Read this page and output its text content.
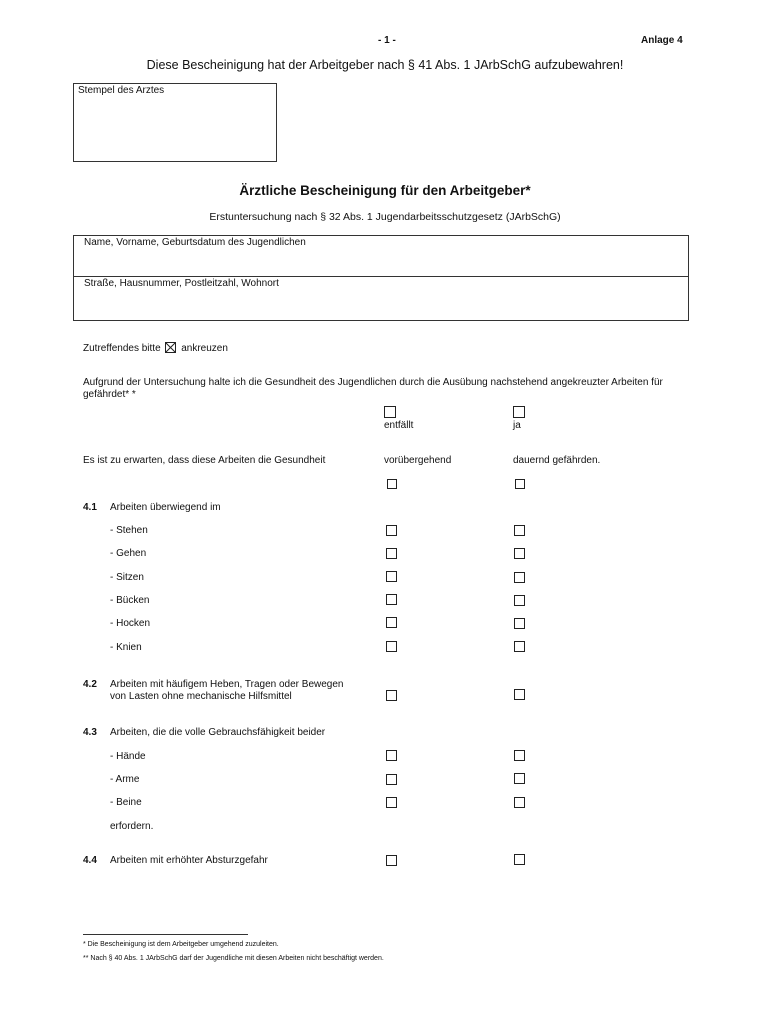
- 1 -	Anlage 4
Diese Bescheinigung hat der Arbeitgeber nach § 41 Abs. 1 JArbSchG aufzubewahren!
Stempel des Arztes
Ärztliche Bescheinigung für den Arbeitgeber*
Erstuntersuchung nach § 32 Abs. 1 Jugendarbeitsschutzgesetz (JArbSchG)
Name, Vorname, Geburtsdatum des Jugendlichen
Straße, Hausnummer, Postleitzahl, Wohnort
Zutreffendes bitte ankreuzen
Aufgrund der Untersuchung halte ich die Gesundheit des Jugendlichen durch die Ausübung nachstehend angekreuzter Arbeiten für
gefährdet* *
entfällt	ja
Es ist zu erwarten, dass diese Arbeiten die Gesundheit	vorübergehend	dauernd gefährden.
4.1 Arbeiten überwiegend im
- Stehen
- Gehen
- Sitzen
- Bücken
- Hocken
- Knien
4.2 Arbeiten mit häufigem Heben, Tragen oder Bewegen
von Lasten ohne mechanische Hilfsmittel
4.3 Arbeiten, die die volle Gebrauchsfähigkeit beider
- Hände
- Arme
- Beine
erfordern.
4.4 Arbeiten mit erhöhter Absturzgefahr
* Die Bescheinigung ist dem Arbeitgeber umgehend zuzuleiten.
** Nach § 40 Abs. 1 JArbSchG darf der Jugendliche mit diesen Arbeiten nicht beschäftigt werden.
